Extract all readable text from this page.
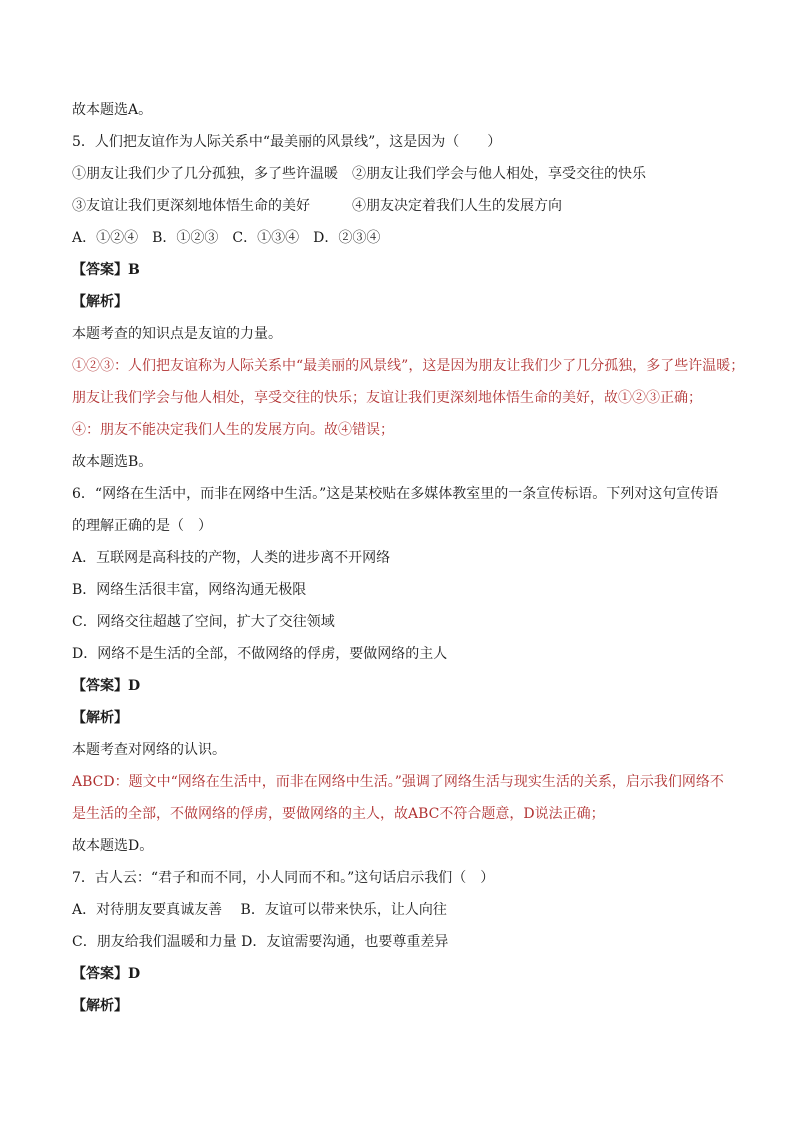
故本题选A。
5．人们把友谊作为人际关系中“最美丽的风景线”，这是因为（　　）
①朋友让我们少了几分孤独，多了些许温暖　②朋友让我们学会与他人相处，享受交往的快乐
③友谊让我们更深刻地体悟生命的美好　　　④朋友决定着我们人生的发展方向
A．①②④　B．①②③　C．①③④　D．②③④
【答案】B
【解析】
本题考查的知识点是友谊的力量。
①②③：人们把友谊称为人际关系中“最美丽的风景线”，这是因为朋友让我们少了几分孤独，多了些许温暖；
朋友让我们学会与他人相处，享受交往的快乐；友谊让我们更深刻地体悟生命的美好，故①②③正确；
④：朋友不能决定我们人生的发展方向。故④错误；
故本题选B。
6．“网络在生活中，而非在网络中生活。”这是某校贴在多媒体教室里的一条宣传标语。下列对这句宣传语
的理解正确的是（　）
A．互联网是高科技的产物，人类的进步离不开网络
B．网络生活很丰富，网络沟通无极限
C．网络交往超越了空间，扩大了交往领域
D．网络不是生活的全部，不做网络的俘虏，要做网络的主人
【答案】D
【解析】
本题考查对网络的认识。
ABCD：题文中“网络在生活中，而非在网络中生活。”强调了网络生活与现实生活的关系，启示我们网络不
是生活的全部，不做网络的俘虏，要做网络的主人，故ABC不符合题意，D说法正确；
故本题选D。
7．古人云：“君子和而不同，小人同而不和。”这句话启示我们（　）
A．对待朋友要真诚友善　 B．友谊可以带来快乐，让人向往
C．朋友给我们温暖和力量 D．友谊需要沟通，也要尊重差异
【答案】D
【解析】
